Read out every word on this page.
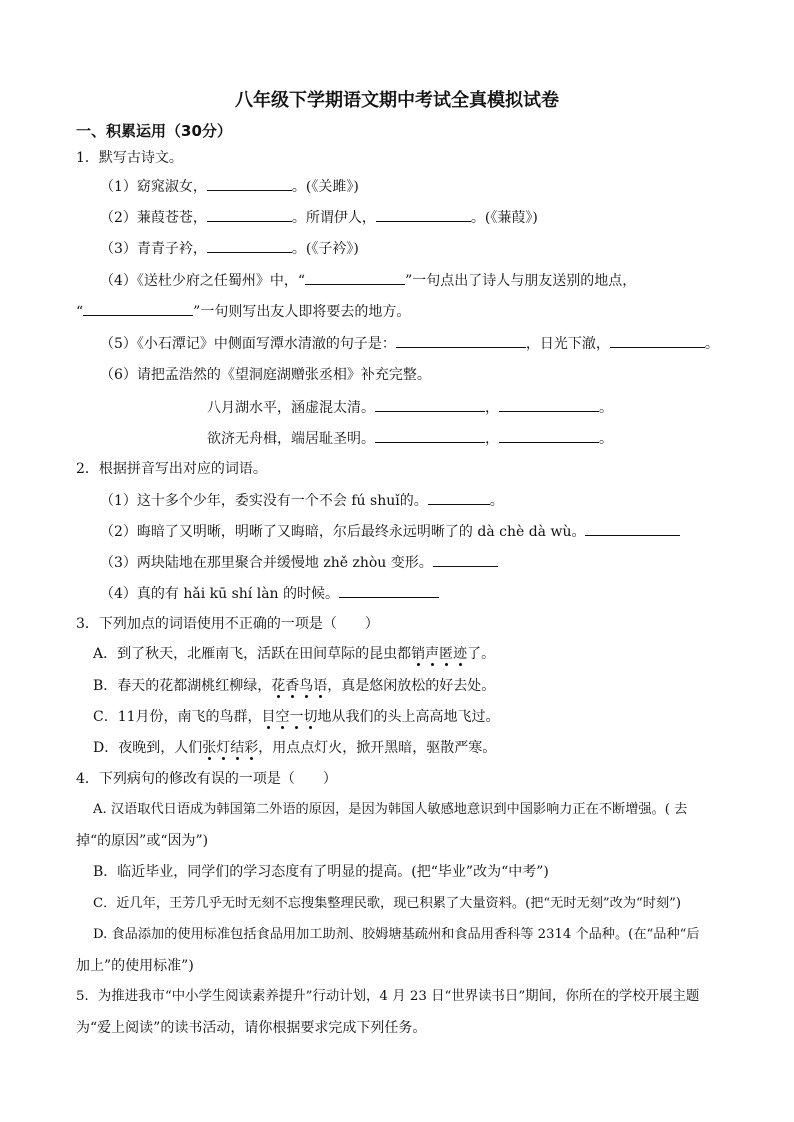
八年级下学期语文期中考试全真模拟试卷
一、积累运用（30分）
1．默写古诗文。
（1）窈窕淑女，	。(《关雎》)
（2）蒹葭苍苍，	。所谓伊人，	。(《蒹葭》)
（3）青青子衿，	。(《子衿》)
（4）《送杜少府之任蜀州》中，“	”一句点出了诗人与朋友送别的地点，
“	”一句则写出友人即将要去的地方。
（5）《小石潭记》中侧面写潭水清澈的句子是：	，日光下澈，	。
（6）请把孟浩然的《望洞庭湖赠张丞相》补充完整。
八月湖水平，涵虚混太清。	，	。
欲济无舟楫，端居耻圣明。	，	。
2．根据拼音写出对应的词语。
（1）这十多个少年，委实没有一个不会 fú shuǐ的。	。
（2）晦暗了又明晰，明晰了又晦暗，尔后最终永远明晰了的 dà chè dà wù。
（3）两块陆地在那里聚合并缓慢地 zhě zhòu 变形。
（4）真的有 hǎi kū shí làn 的时候。
3．下列加点的词语使用不正确的一项是（　　）
A．到了秋天，北雁南飞，活跃在田间草际的昆虫都销声匿迹了。
B．春天的花都湖桃红柳绿，花香鸟语，真是悠闲放松的好去处。
C．11月份，南飞的鸟群，目空一切地从我们的头上高高地飞过。
D．夜晚到，人们张灯结彩，用点点灯火，掀开黑暗，驱散严寒。
4．下列病句的修改有误的一项是（　　）
A. 汉语取代日语成为韩国第二外语的原因，是因为韩国人敏感地意识到中国影响力正在不断增强。( 去
掉“的原因”或“因为”)
B．临近毕业，同学们的学习态度有了明显的提高。(把“毕业”改为“中考”)
C．近几年，王芳几乎无时无刻不忘搜集整理民歌，现已积累了大量资料。(把“无时无刻”改为“时刻”)
D. 食品添加的使用标准包括食品用加工助剂、胶姆塘基疏州和食品用香科等 2314 个品种。(在“品种“后
加上”的使用标准”)
5．为推进我市“中小学生阅读素养提升”行动计划，4 月 23 日“世界读书日”期间，你所在的学校开展主题
为“爱上阅读”的读书活动，请你根据要求完成下列任务。
